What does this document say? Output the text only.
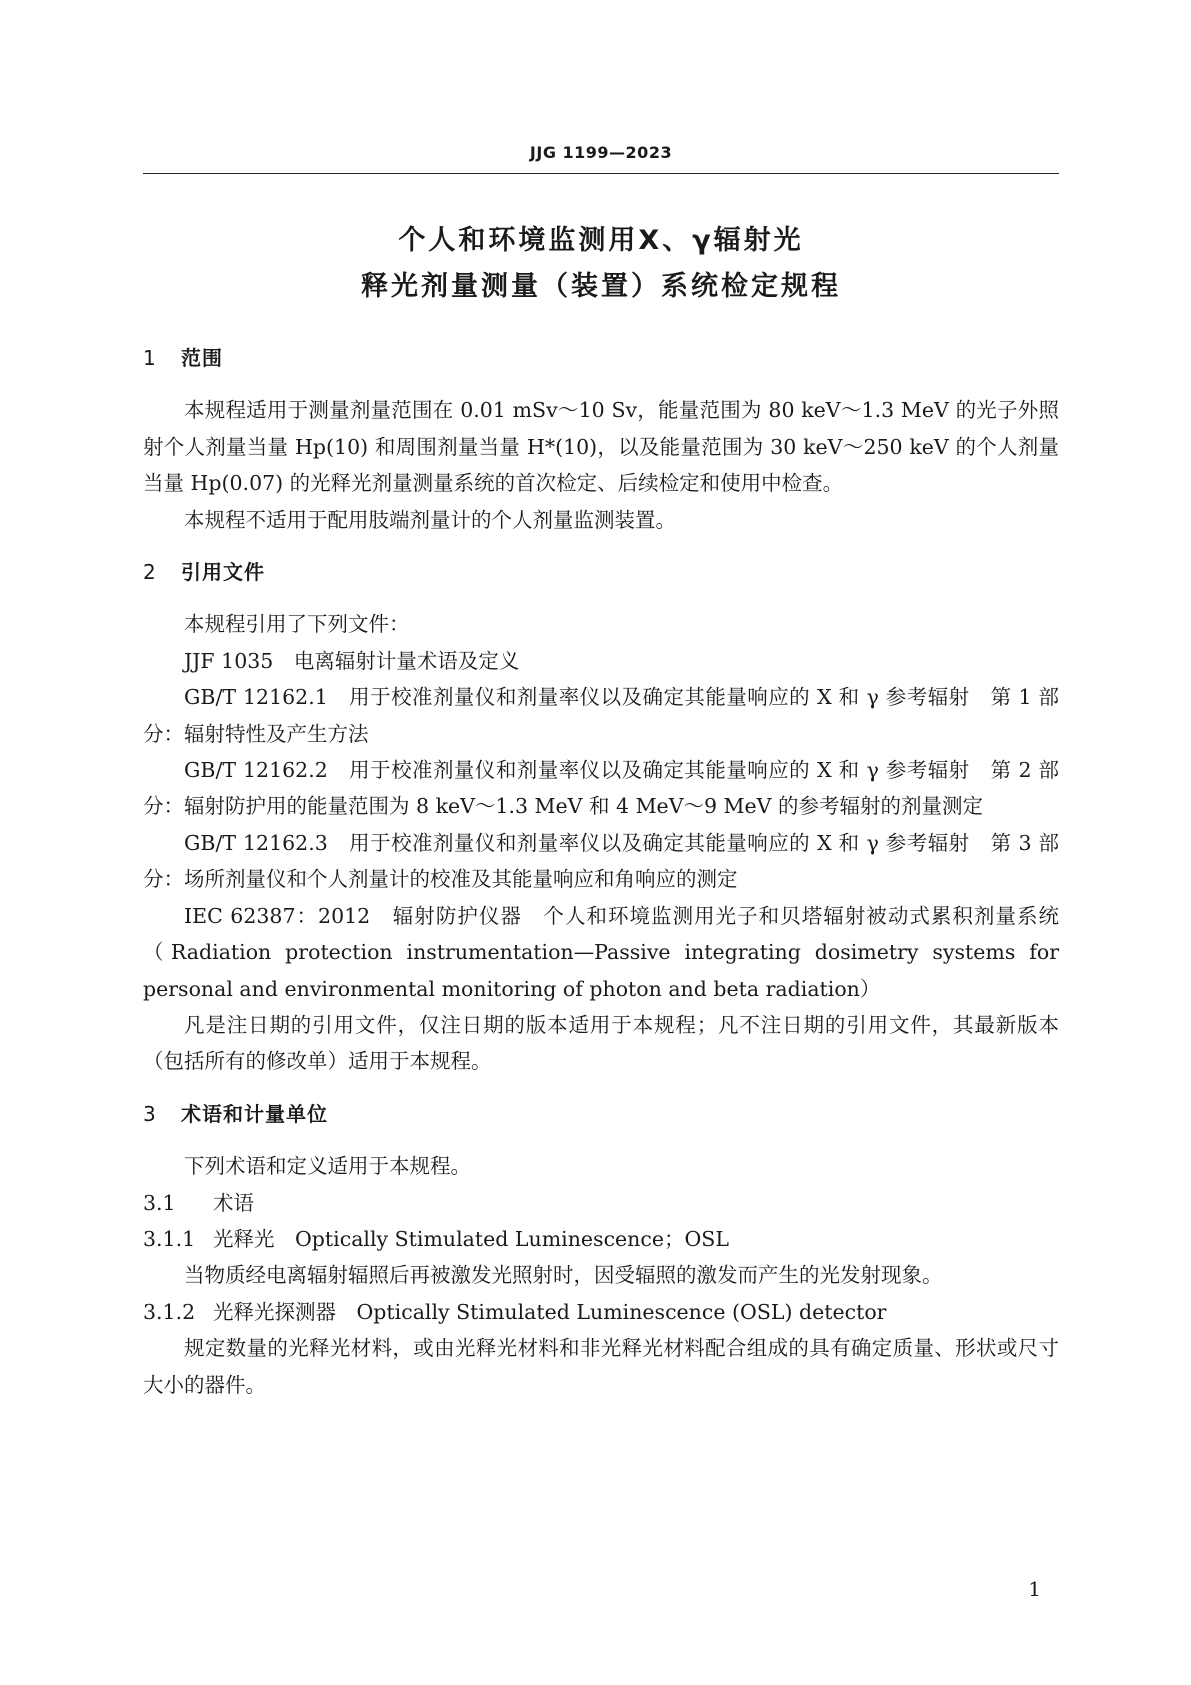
JJG 1199—2023
个人和环境监测用X、γ辐射光
释光剂量测量（装置）系统检定规程
1 范围

本规程适用于测量剂量范围在 0.01 mSv～10 Sv，能量范围为 80 keV～1.3 MeV 的光子外照射个人剂量当量 Hp(10) 和周围剂量当量 H*(10)，以及能量范围为 30 keV～250 keV 的个人剂量当量 Hp(0.07) 的光释光剂量测量系统的首次检定、后续检定和使用中检查。

本规程不适用于配用肢端剂量计的个人剂量监测装置。

2 引用文件

本规程引用了下列文件：

JJF 1035　电离辐射计量术语及定义

GB/T 12162.1　用于校准剂量仪和剂量率仪以及确定其能量响应的 X 和 γ 参考辐射　第 1 部分：辐射特性及产生方法

GB/T 12162.2　用于校准剂量仪和剂量率仪以及确定其能量响应的 X 和 γ 参考辐射　第 2 部分：辐射防护用的能量范围为 8 keV～1.3 MeV 和 4 MeV～9 MeV 的参考辐射的剂量测定

GB/T 12162.3　用于校准剂量仪和剂量率仪以及确定其能量响应的 X 和 γ 参考辐射　第 3 部分：场所剂量仪和个人剂量计的校准及其能量响应和角响应的测定

IEC 62387：2012　辐射防护仪器　个人和环境监测用光子和贝塔辐射被动式累积剂量系统（Radiation protection instrumentation—Passive integrating dosimetry systems for personal and environmental monitoring of photon and beta radiation）

凡是注日期的引用文件，仅注日期的版本适用于本规程；凡不注日期的引用文件，其最新版本（包括所有的修改单）适用于本规程。

3 术语和计量单位

下列术语和定义适用于本规程。

3.1 术语

3.1.1 光释光　Optically Stimulated Luminescence；OSL

当物质经电离辐射辐照后再被激发光照射时，因受辐照的激发而产生的光发射现象。

3.1.2 光释光探测器　Optically Stimulated Luminescence (OSL) detector

规定数量的光释光材料，或由光释光材料和非光释光材料配合组成的具有确定质量、形状或尺寸大小的器件。

1
